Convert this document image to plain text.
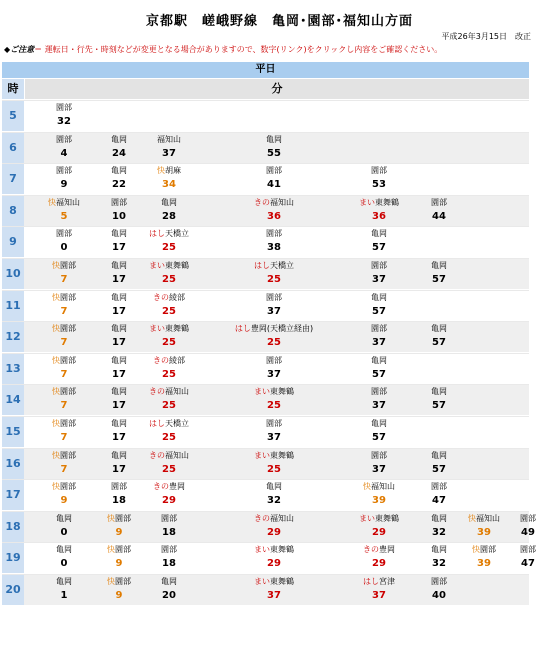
京都駅　嵯峨野線　亀岡･園部･福知山方面
平成26年3月15日　改正
◆ご注意＝ 運転日・行先・時刻などが変更となる場合がありますので、数字(リンク)をクリックし内容をご確認ください。
平日
時	分
5
園部
32
6
園部
4
亀岡
24
福知山
37
亀岡
55
7
園部
9
亀岡
22
快胡麻
34
園部
41
園部
53
8
快福知山
5
園部
10
亀岡
28
きの福知山
36
まい東舞鶴
36
園部
44
9
園部
0
亀岡
17
はし天橋立
25
園部
38
亀岡
57
10
快園部
7
亀岡
17
まい東舞鶴
25
はし天橋立
25
園部
37
亀岡
57
11
快園部
7
亀岡
17
きの綾部
25
園部
37
亀岡
57
12
快園部
7
亀岡
17
まい東舞鶴
25
はし豊岡(天橋立経由)
25
園部
37
亀岡
57
13
快園部
7
亀岡
17
きの綾部
25
園部
37
亀岡
57
14
快園部
7
亀岡
17
きの福知山
25
まい東舞鶴
25
園部
37
亀岡
57
15
快園部
7
亀岡
17
はし天橋立
25
園部
37
亀岡
57
16
快園部
7
亀岡
17
きの福知山
25
まい東舞鶴
25
園部
37
亀岡
57
17
快園部
9
園部
18
きの豊岡
29
亀岡
32
快福知山
39
園部
47
18
亀岡
0
快園部
9
園部
18
きの福知山
29
まい東舞鶴
29
亀岡
32
快福知山
39
園部
49
19
亀岡
0
快園部
9
園部
18
まい東舞鶴
29
きの豊岡
29
亀岡
32
快園部
39
園部
47
20
亀岡
1
快園部
9
亀岡
20
まい東舞鶴
37
はし宮津
37
園部
40
